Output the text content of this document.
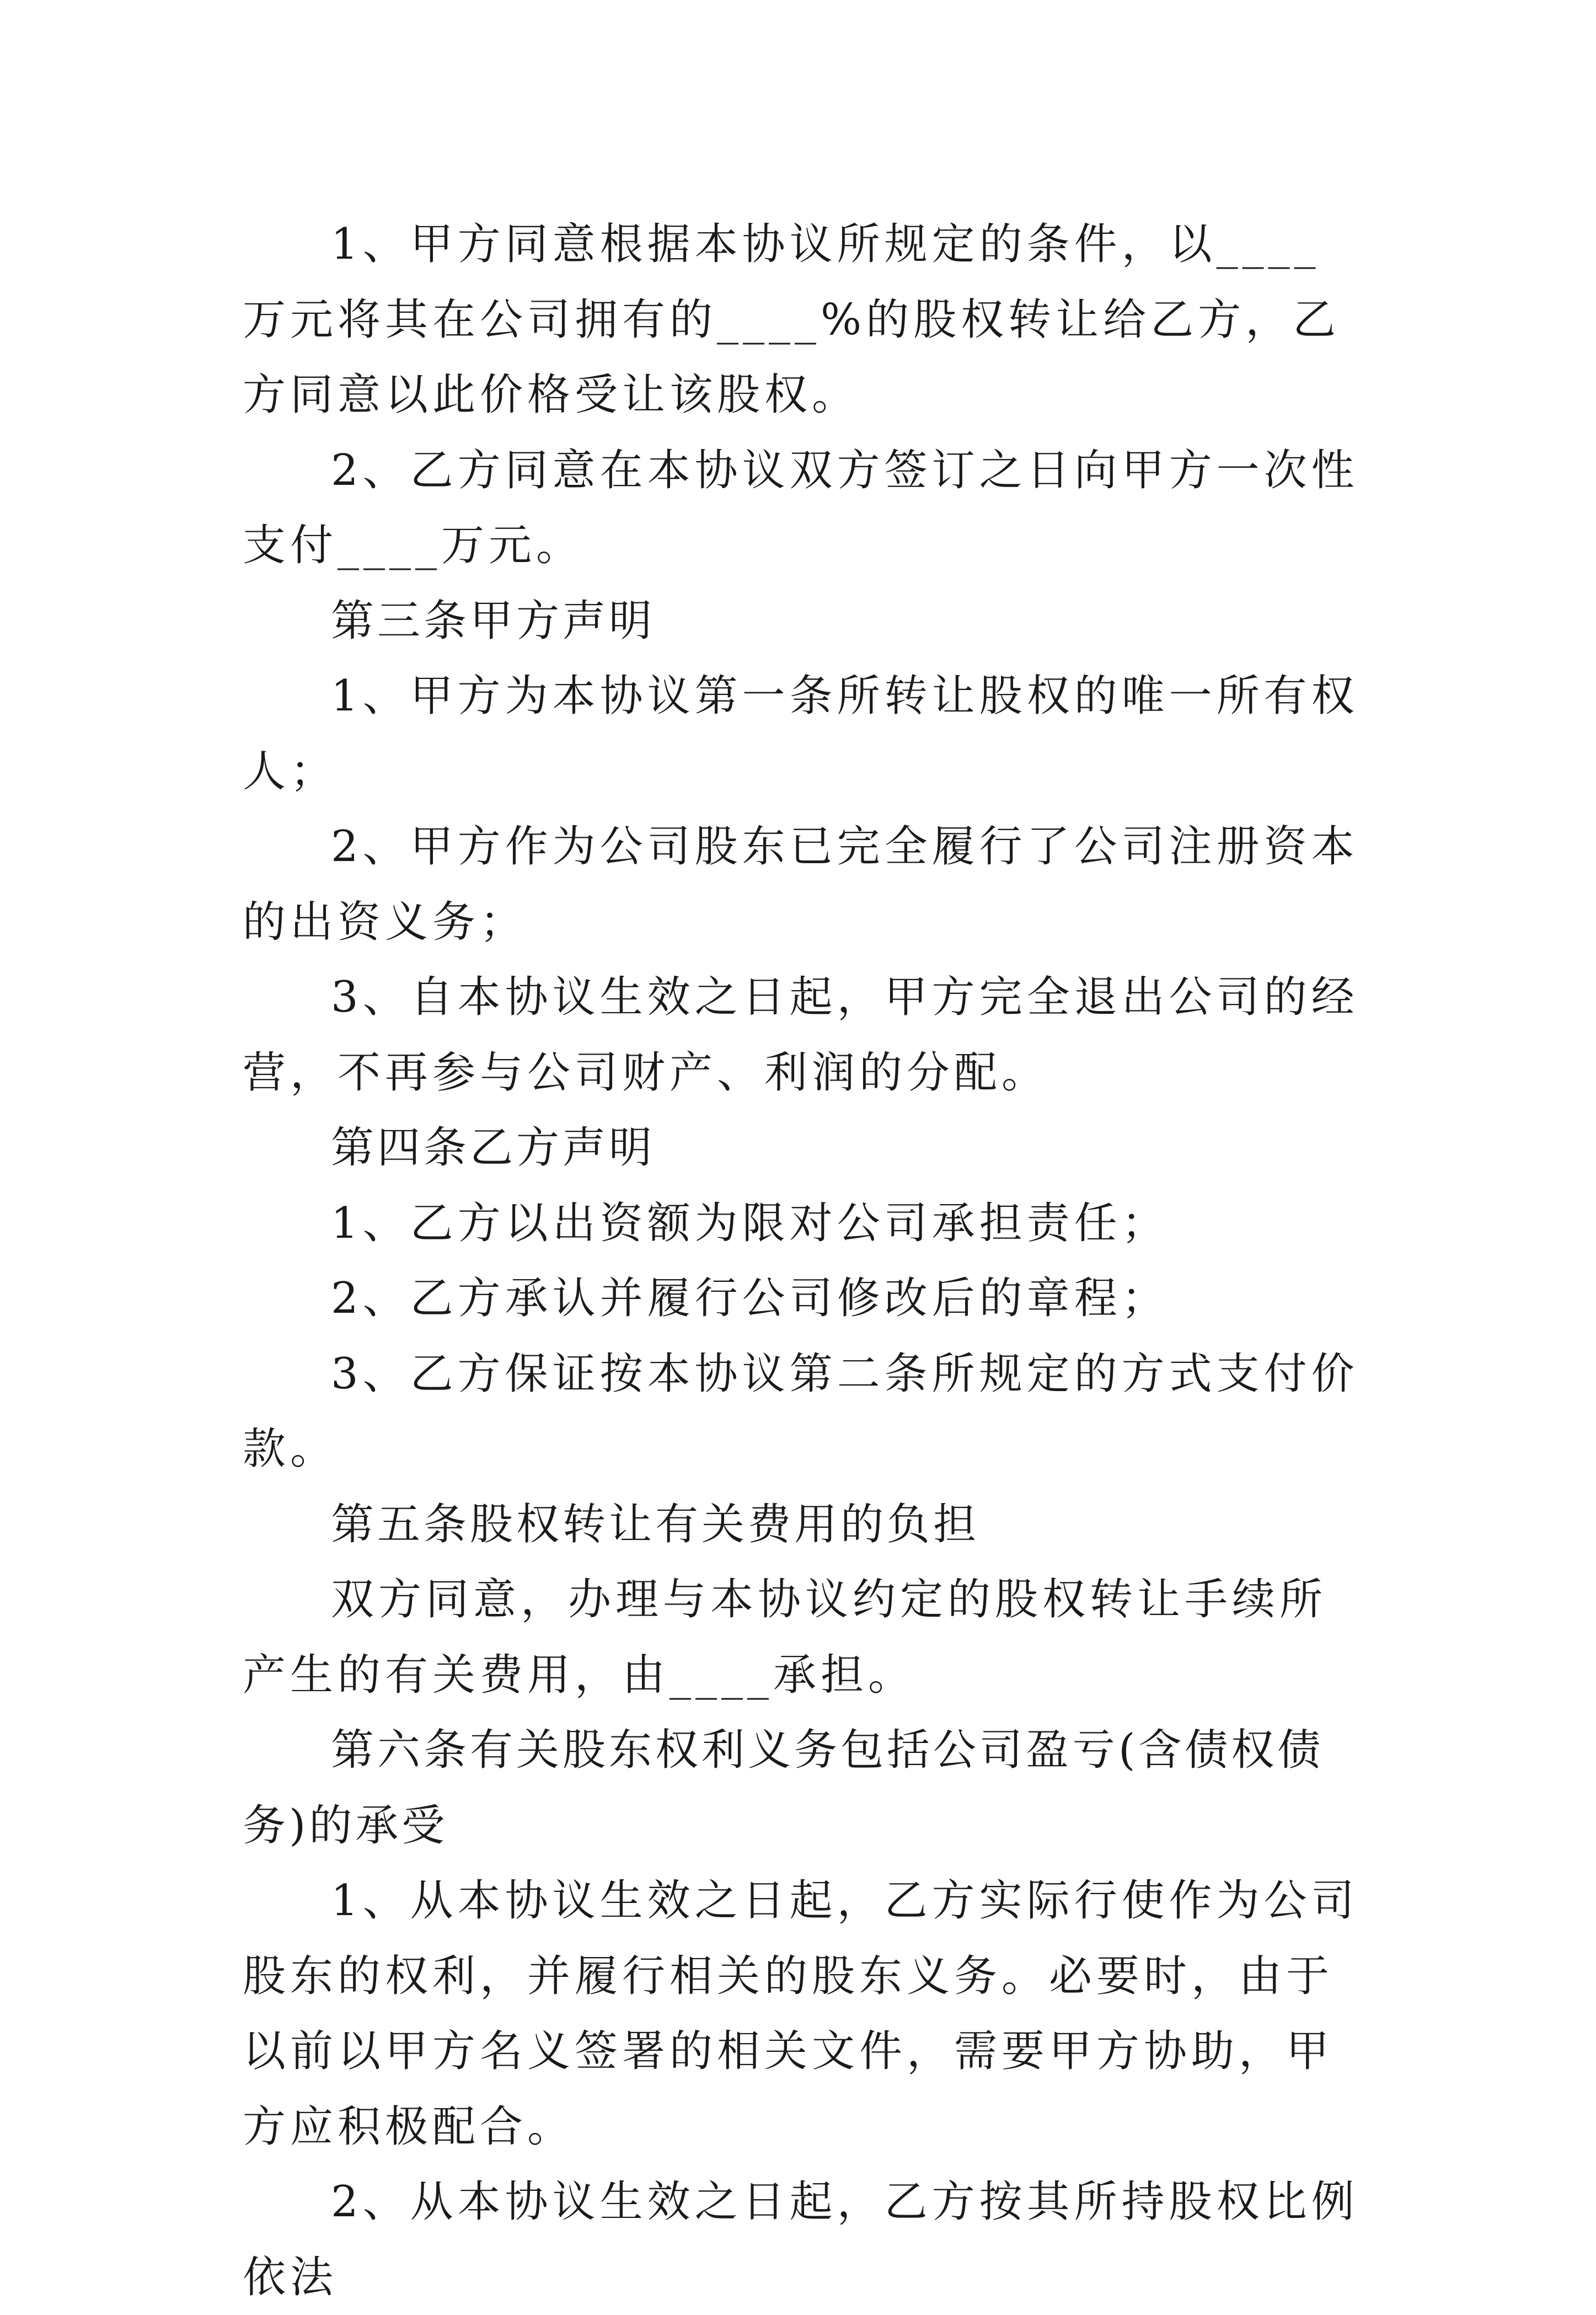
1、甲方同意根据本协议所规定的条件，以____万元将其在公司拥有的____%的股权转让给乙方，乙方同意以此价格受让该股权。

2、乙方同意在本协议双方签订之日向甲方一次性支付____万元。

第三条甲方声明

1、甲方为本协议第一条所转让股权的唯一所有权人；

2、甲方作为公司股东已完全履行了公司注册资本的出资义务；

3、自本协议生效之日起，甲方完全退出公司的经营，不再参与公司财产、利润的分配。

第四条乙方声明

1、乙方以出资额为限对公司承担责任；

2、乙方承认并履行公司修改后的章程；

3、乙方保证按本协议第二条所规定的方式支付价款。

第五条股权转让有关费用的负担

双方同意，办理与本协议约定的股权转让手续所产生的有关费用，由____承担。

第六条有关股东权利义务包括公司盈亏(含债权债务)的承受

1、从本协议生效之日起，乙方实际行使作为公司股东的权利，并履行相关的股东义务。必要时，由于以前以甲方名义签署的相关文件，需要甲方协助，甲方应积极配合。

2、从本协议生效之日起，乙方按其所持股权比例依法
